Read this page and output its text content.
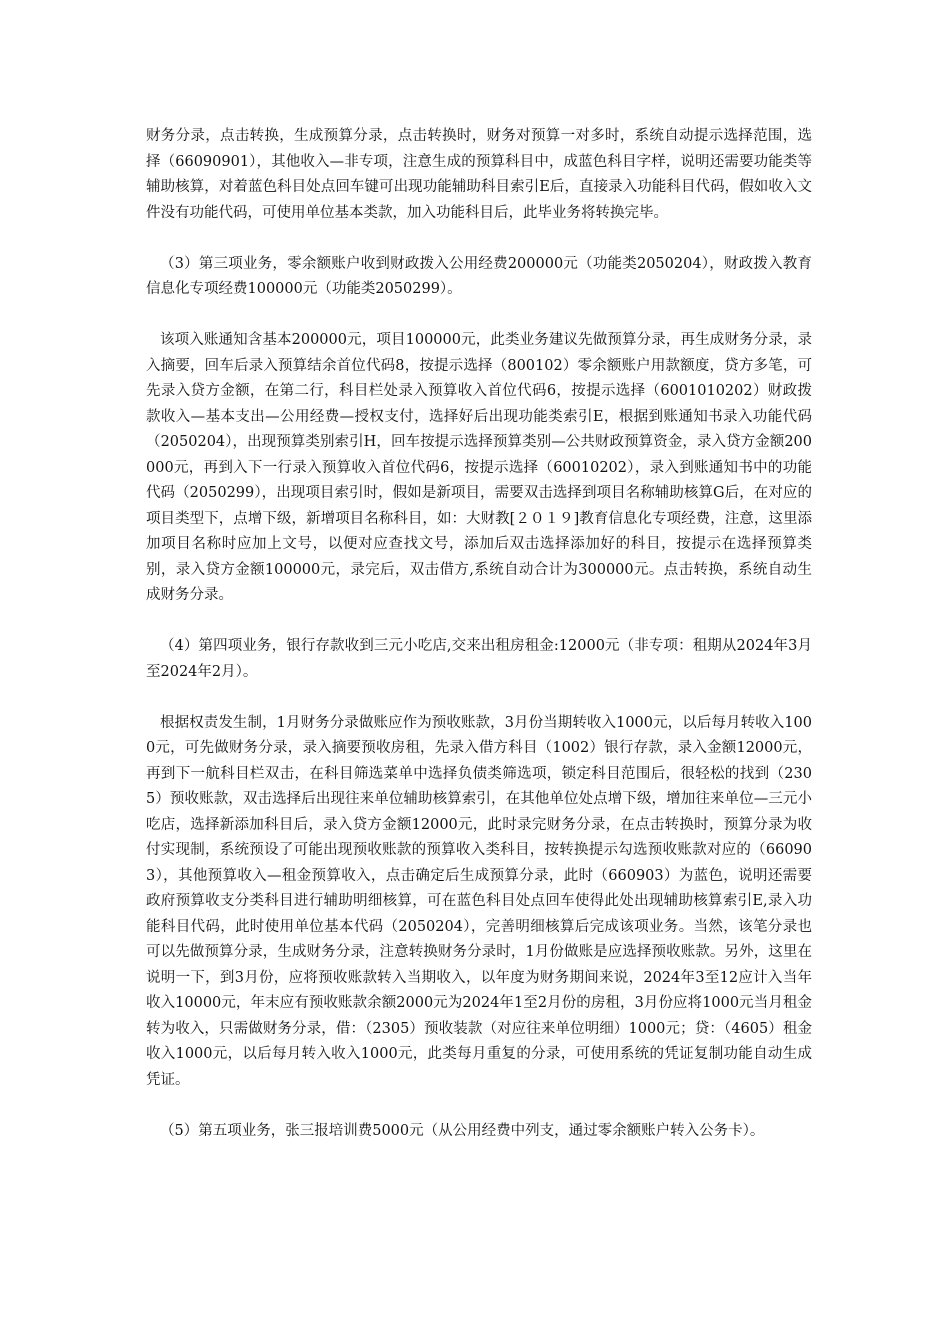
财务分录，点击转换，生成预算分录，点击转换时，财务对预算一对多时，系统自动提示选择范围，选择（66090901），其他收入—非专项，注意生成的预算科目中，成蓝色科目字样，说明还需要功能类等辅助核算，对着蓝色科目处点回车键可出现功能辅助科目索引E后，直接录入功能科目代码，假如收入文件没有功能代码，可使用单位基本类款，加入功能科目后，此毕业务将转换完毕。

（3）第三项业务，零余额账户收到财政拨入公用经费200000元（功能类2050204），财政拨入教育信息化专项经费100000元（功能类2050299）。

该项入账通知含基本200000元，项目100000元，此类业务建议先做预算分录，再生成财务分录，录入摘要，回车后录入预算结余首位代码8，按提示选择（800102）零余额账户用款额度，贷方多笔，可先录入贷方金额，在第二行，科目栏处录入预算收入首位代码6，按提示选择（6001010202）财政拨款收入—基本支出—公用经费—授权支付，选择好后出现功能类索引E，根据到账通知书录入功能代码（2050204），出现预算类别索引H，回车按提示选择预算类别—公共财政预算资金，录入贷方金额200000元，再到入下一行录入预算收入首位代码6，按提示选择（60010202），录入到账通知书中的功能代码（2050299），出现项目索引时，假如是新项目，需要双击选择到项目名称辅助核算G后，在对应的项目类型下，点增下级，新增项目名称科目，如：大财教[２０１９]教育信息化专项经费，注意，这里添加项目名称时应加上文号，以便对应查找文号，添加后双击选择添加好的科目，按提示在选择预算类别，录入贷方金额100000元，录完后，双击借方,系统自动合计为300000元。点击转换，系统自动生成财务分录。

（4）第四项业务，银行存款收到三元小吃店,交来出租房租金:12000元（非专项：租期从2024年3月至2024年2月）。

根据权责发生制，1月财务分录做账应作为预收账款，3月份当期转收入1000元，以后每月转收入1000元，可先做财务分录，录入摘要预收房租，先录入借方科目（1002）银行存款，录入金额12000元，再到下一航科目栏双击，在科目筛选菜单中选择负债类筛选项，锁定科目范围后，很轻松的找到（2305）预收账款，双击选择后出现往来单位辅助核算索引，在其他单位处点增下级，增加往来单位—三元小吃店，选择新添加科目后，录入贷方金额12000元，此时录完财务分录，在点击转换时，预算分录为收付实现制，系统预设了可能出现预收账款的预算收入类科目，按转换提示勾选预收账款对应的（660903），其他预算收入—租金预算收入，点击确定后生成预算分录，此时（660903）为蓝色，说明还需要政府预算收支分类科目进行辅助明细核算，可在蓝色科目处点回车使得此处出现辅助核算索引E,录入功能科目代码，此时使用单位基本代码（2050204），完善明细核算后完成该项业务。当然，该笔分录也可以先做预算分录，生成财务分录，注意转换财务分录时，1月份做账是应选择预收账款。另外，这里在说明一下，到3月份，应将预收账款转入当期收入，以年度为财务期间来说，2024年3至12应计入当年收入10000元，年末应有预收账款余额2000元为2024年1至2月份的房租，3月份应将1000元当月租金转为收入，只需做财务分录，借：（2305）预收装款（对应往来单位明细）1000元；贷：（4605）租金收入1000元，以后每月转入收入1000元，此类每月重复的分录，可使用系统的凭证复制功能自动生成凭证。

（5）第五项业务，张三报培训费5000元（从公用经费中列支，通过零余额账户转入公务卡）。
